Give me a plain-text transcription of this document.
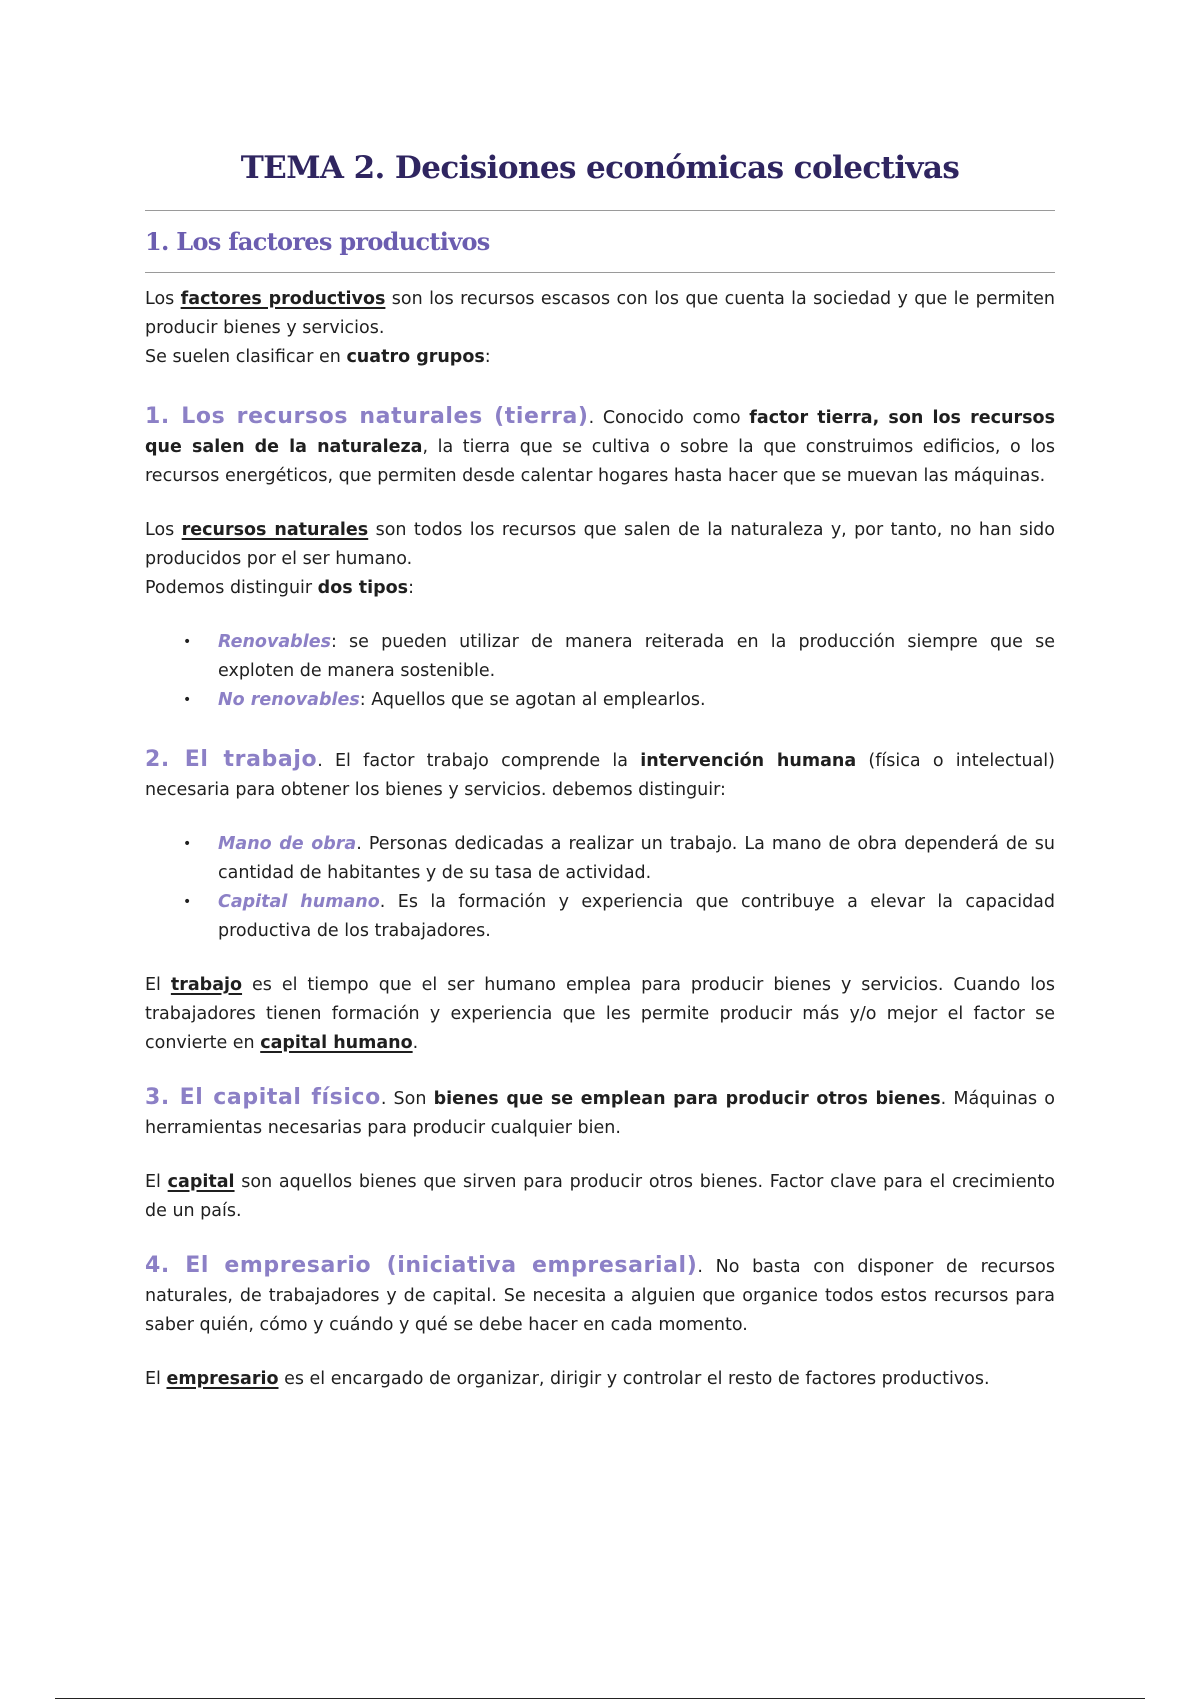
TEMA 2. Decisiones económicas colectivas
1. Los factores productivos

Los factores productivos son los recursos escasos con los que cuenta la sociedad y que le permiten producir bienes y servicios.

Se suelen clasificar en cuatro grupos:

1. Los recursos naturales (tierra). Conocido como factor tierra, son los recursos que salen de la naturaleza, la tierra que se cultiva o sobre la que construimos edificios, o los recursos energéticos, que permiten desde calentar hogares hasta hacer que se muevan las máquinas.

Los recursos naturales son todos los recursos que salen de la naturaleza y, por tanto, no han sido producidos por el ser humano.

Podemos distinguir dos tipos:

• Renovables: se pueden utilizar de manera reiterada en la producción siempre que se exploten de manera sostenible.
• No renovables: Aquellos que se agotan al emplearlos.

2. El trabajo. El factor trabajo comprende la intervención humana (física o intelectual) necesaria para obtener los bienes y servicios. debemos distinguir:

• Mano de obra. Personas dedicadas a realizar un trabajo. La mano de obra dependerá de su cantidad de habitantes y de su tasa de actividad.
• Capital humano. Es la formación y experiencia que contribuye a elevar la capacidad productiva de los trabajadores.

El trabajo es el tiempo que el ser humano emplea para producir bienes y servicios. Cuando los trabajadores tienen formación y experiencia que les permite producir más y/o mejor el factor se convierte en capital humano.

3. El capital físico. Son bienes que se emplean para producir otros bienes. Máquinas o herramientas necesarias para producir cualquier bien.

El capital son aquellos bienes que sirven para producir otros bienes. Factor clave para el crecimiento de un país.

4. El empresario (iniciativa empresarial). No basta con disponer de recursos naturales, de trabajadores y de capital. Se necesita a alguien que organice todos estos recursos para saber quién, cómo y cuándo y qué se debe hacer en cada momento.

El empresario es el encargado de organizar, dirigir y controlar el resto de factores productivos.
